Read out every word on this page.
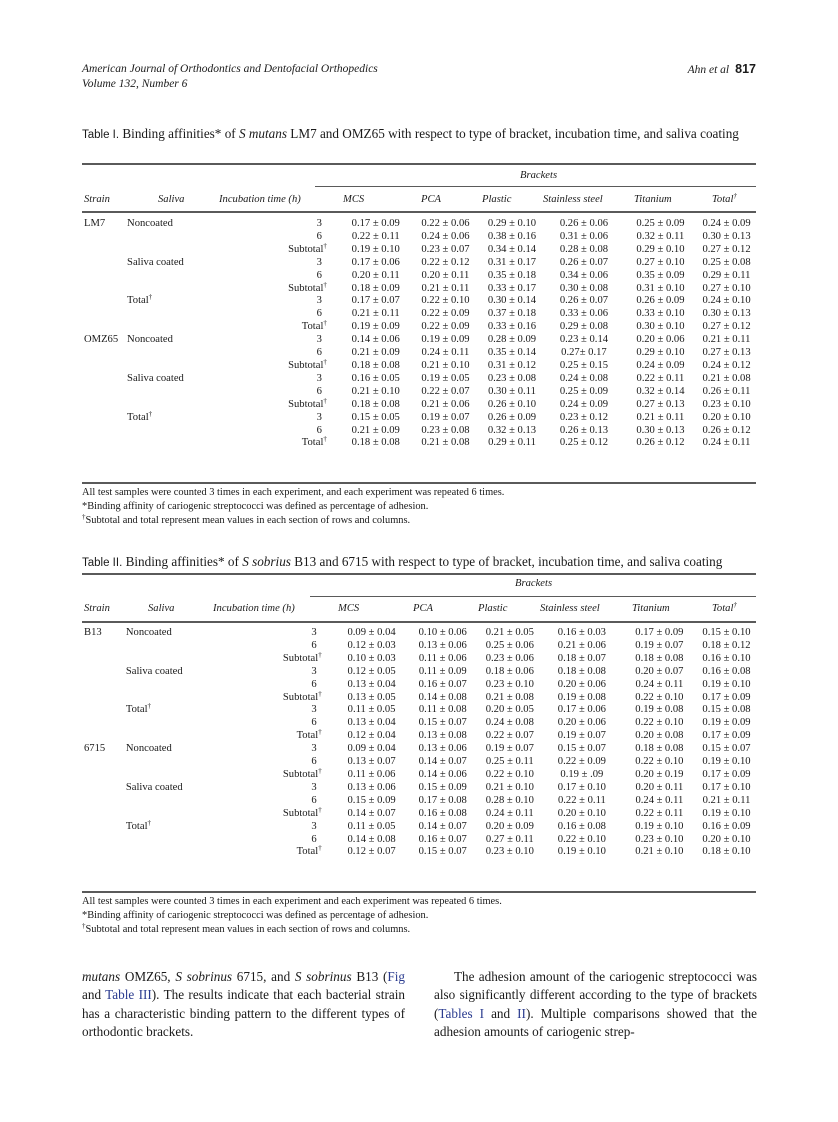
American Journal of Orthodontics and Dentofacial Orthopedics
Volume 132, Number 6
Ahn et al 817
Table I. Binding affinities* of S mutans LM7 and OMZ65 with respect to type of bracket, incubation time, and saliva coating
Brackets
Strain	Saliva	Incubation time (h)	MCS	PCA	Plastic	Stainless steel	Titanium	Total†
LM7	Noncoated	3		0.17 ± 0.09	0.22 ± 0.06	0.29 ± 0.10	0.26 ± 0.06	0.25 ± 0.09	0.24 ± 0.09
		6		0.22 ± 0.11	0.24 ± 0.06	0.38 ± 0.16	0.31 ± 0.06	0.32 ± 0.11	0.30 ± 0.13
		Subtotal†		0.19 ± 0.10	0.23 ± 0.07	0.34 ± 0.14	0.28 ± 0.08	0.29 ± 0.10	0.27 ± 0.12
	Saliva coated	3		0.17 ± 0.06	0.22 ± 0.12	0.31 ± 0.17	0.26 ± 0.07	0.27 ± 0.10	0.25 ± 0.08
		6		0.20 ± 0.11	0.20 ± 0.11	0.35 ± 0.18	0.34 ± 0.06	0.35 ± 0.09	0.29 ± 0.11
		Subtotal†		0.18 ± 0.09	0.21 ± 0.11	0.33 ± 0.17	0.30 ± 0.08	0.31 ± 0.10	0.27 ± 0.10
	Total†	3		0.17 ± 0.07	0.22 ± 0.10	0.30 ± 0.14	0.26 ± 0.07	0.26 ± 0.09	0.24 ± 0.10
		6		0.21 ± 0.11	0.22 ± 0.09	0.37 ± 0.18	0.33 ± 0.06	0.33 ± 0.10	0.30 ± 0.13
		Total†		0.19 ± 0.09	0.22 ± 0.09	0.33 ± 0.16	0.29 ± 0.08	0.30 ± 0.10	0.27 ± 0.12
OMZ65	Noncoated	3		0.14 ± 0.06	0.19 ± 0.09	0.28 ± 0.09	0.23 ± 0.14	0.20 ± 0.06	0.21 ± 0.11
		6		0.21 ± 0.09	0.24 ± 0.11	0.35 ± 0.14	0.27± 0.17	0.29 ± 0.10	0.27 ± 0.13
		Subtotal†		0.18 ± 0.08	0.21 ± 0.10	0.31 ± 0.12	0.25 ± 0.15	0.24 ± 0.09	0.24 ± 0.12
	Saliva coated	3		0.16 ± 0.05	0.19 ± 0.05	0.23 ± 0.08	0.24 ± 0.08	0.22 ± 0.11	0.21 ± 0.08
		6		0.21 ± 0.10	0.22 ± 0.07	0.30 ± 0.11	0.25 ± 0.09	0.32 ± 0.14	0.26 ± 0.11
		Subtotal†		0.18 ± 0.08	0.21 ± 0.06	0.26 ± 0.10	0.24 ± 0.09	0.27 ± 0.13	0.23 ± 0.10
	Total†	3		0.15 ± 0.05	0.19 ± 0.07	0.26 ± 0.09	0.23 ± 0.12	0.21 ± 0.11	0.20 ± 0.10
		6		0.21 ± 0.09	0.23 ± 0.08	0.32 ± 0.13	0.26 ± 0.13	0.30 ± 0.13	0.26 ± 0.12
		Total†		0.18 ± 0.08	0.21 ± 0.08	0.29 ± 0.11	0.25 ± 0.12	0.26 ± 0.12	0.24 ± 0.11
All test samples were counted 3 times in each experiment, and each experiment was repeated 6 times.
*Binding affinity of cariogenic streptococci was defined as percentage of adhesion.
†Subtotal and total represent mean values in each section of rows and columns.
Table II. Binding affinities* of S sobrius B13 and 6715 with respect to type of bracket, incubation time, and saliva coating
Brackets
Strain	Saliva	Incubation time (h)	MCS	PCA	Plastic	Stainless steel	Titanium	Total†
B13	Noncoated	3		0.09 ± 0.04	0.10 ± 0.06	0.21 ± 0.05	0.16 ± 0.03	0.17 ± 0.09	0.15 ± 0.10
		6		0.12 ± 0.03	0.13 ± 0.06	0.25 ± 0.06	0.21 ± 0.06	0.19 ± 0.07	0.18 ± 0.12
		Subtotal†		0.10 ± 0.03	0.11 ± 0.06	0.23 ± 0.06	0.18 ± 0.07	0.18 ± 0.08	0.16 ± 0.10
	Saliva coated	3		0.12 ± 0.05	0.11 ± 0.09	0.18 ± 0.06	0.18 ± 0.08	0.20 ± 0.07	0.16 ± 0.08
		6		0.13 ± 0.04	0.16 ± 0.07	0.23 ± 0.10	0.20 ± 0.06	0.24 ± 0.11	0.19 ± 0.10
		Subtotal†		0.13 ± 0.05	0.14 ± 0.08	0.21 ± 0.08	0.19 ± 0.08	0.22 ± 0.10	0.17 ± 0.09
	Total†	3		0.11 ± 0.05	0.11 ± 0.08	0.20 ± 0.05	0.17 ± 0.06	0.19 ± 0.08	0.15 ± 0.08
		6		0.13 ± 0.04	0.15 ± 0.07	0.24 ± 0.08	0.20 ± 0.06	0.22 ± 0.10	0.19 ± 0.09
		Total†		0.12 ± 0.04	0.13 ± 0.08	0.22 ± 0.07	0.19 ± 0.07	0.20 ± 0.08	0.17 ± 0.09
6715	Noncoated	3		0.09 ± 0.04	0.13 ± 0.06	0.19 ± 0.07	0.15 ± 0.07	0.18 ± 0.08	0.15 ± 0.07
		6		0.13 ± 0.07	0.14 ± 0.07	0.25 ± 0.11	0.22 ± 0.09	0.22 ± 0.10	0.19 ± 0.10
		Subtotal†		0.11 ± 0.06	0.14 ± 0.06	0.22 ± 0.10	0.19 ± .09	0.20 ± 0.19	0.17 ± 0.09
	Saliva coated	3		0.13 ± 0.06	0.15 ± 0.09	0.21 ± 0.10	0.17 ± 0.10	0.20 ± 0.11	0.17 ± 0.10
		6		0.15 ± 0.09	0.17 ± 0.08	0.28 ± 0.10	0.22 ± 0.11	0.24 ± 0.11	0.21 ± 0.11
		Subtotal†		0.14 ± 0.07	0.16 ± 0.08	0.24 ± 0.11	0.20 ± 0.10	0.22 ± 0.11	0.19 ± 0.10
	Total†	3		0.11 ± 0.05	0.14 ± 0.07	0.20 ± 0.09	0.16 ± 0.08	0.19 ± 0.10	0.16 ± 0.09
		6		0.14 ± 0.08	0.16 ± 0.07	0.27 ± 0.11	0.22 ± 0.10	0.23 ± 0.10	0.20 ± 0.10
		Total†		0.12 ± 0.07	0.15 ± 0.07	0.23 ± 0.10	0.19 ± 0.10	0.21 ± 0.10	0.18 ± 0.10
All test samples were counted 3 times in each experiment and each experiment was repeated 6 times.
*Binding affinity of cariogenic streptococci was defined as percentage of adhesion.
†Subtotal and total represent mean values in each section of rows and columns.
mutans OMZ65, S sobrinus 6715, and S sobrinus B13 (Fig and Table III). The results indicate that each bacterial strain has a characteristic binding pattern to the different types of orthodontic brackets.
The adhesion amount of the cariogenic streptococci was also significantly different according to the type of brackets (Tables I and II). Multiple comparisons showed that the adhesion amounts of cariogenic strep-
